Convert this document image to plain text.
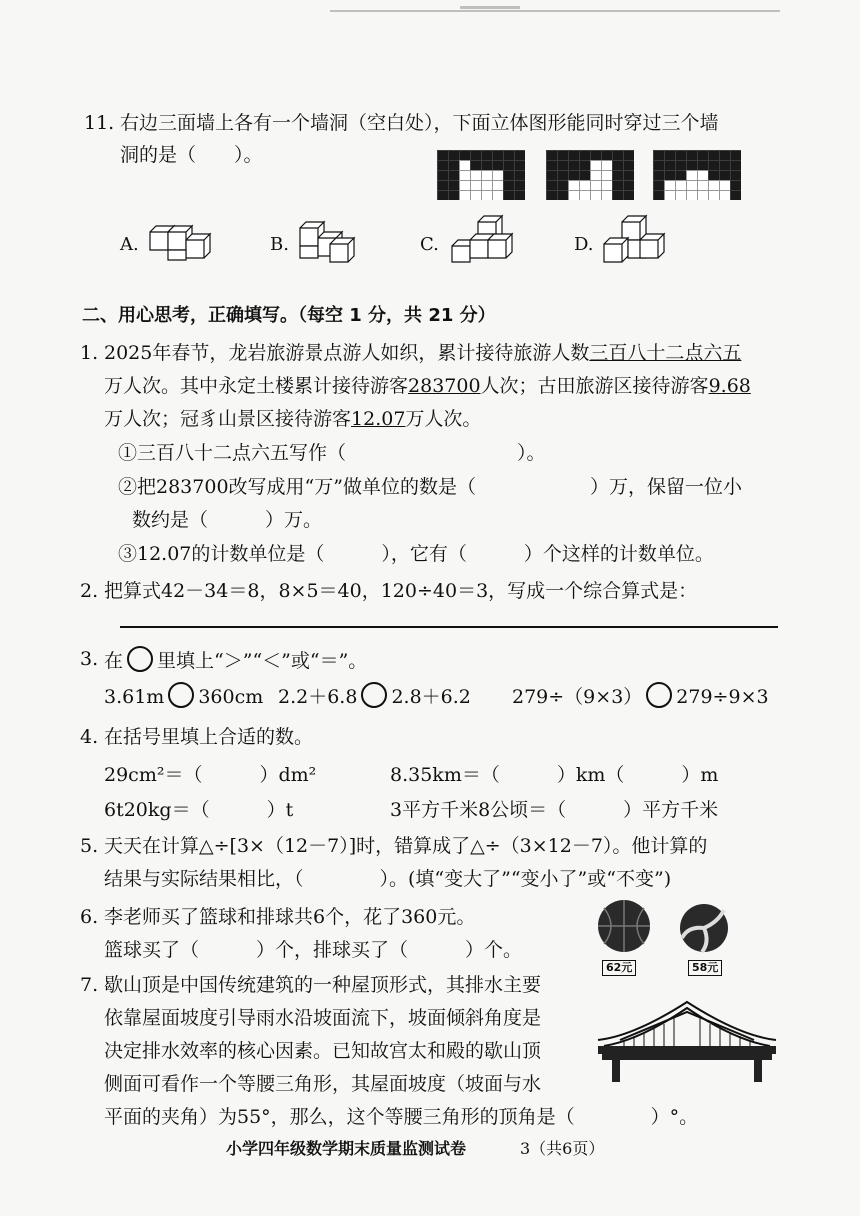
11. 右边三面墙上各有一个墙洞（空白处），下面立体图形能同时穿过三个墙
洞的是（　　）。
A.	B.	C.	D.
二、用心思考，正确填写。（每空 1 分，共 21 分）
1. 2025年春节，龙岩旅游景点游人如织，累计接待旅游人数三百八十二点六五
万人次。其中永定土楼累计接待游客283700人次；古田旅游区接待游客9.68
万人次；冠豸山景区接待游客12.07万人次。
①三百八十二点六五写作（　　　　　　　　　）。
②把283700改写成用“万”做单位的数是（　　　　　　）万，保留一位小
数约是（　　　）万。
③12.07的计数单位是（　　　），它有（　　　）个这样的计数单位。
2. 把算式42－34＝8，8×5＝40，120÷40＝3，写成一个综合算式是：
3. 在 里填上“＞”“＜”或“＝”。
3.61m 360cm 2.2＋6.8 2.8＋6.2 279÷（9×3） 279÷9×3
4. 在括号里填上合适的数。
29cm²＝（　　　）dm²	8.35km＝（　　　）km（　　　）m
6t20kg＝（　　　）t	3平方千米8公顷＝（　　　）平方千米
5. 天天在计算△÷[3×（12－7）]时，错算成了△÷（3×12－7）。他计算的
结果与实际结果相比，（　　　　）。(填“变大了”“变小了”或“不变”)
6. 李老师买了篮球和排球共6个，花了360元。
篮球买了（　　　）个，排球买了（　　　）个。
62元	58元
7. 歇山顶是中国传统建筑的一种屋顶形式，其排水主要
依靠屋面坡度引导雨水沿坡面流下，坡面倾斜角度是
决定排水效率的核心因素。已知故宫太和殿的歇山顶
侧面可看作一个等腰三角形，其屋面坡度（坡面与水
平面的夹角）为55°，那么，这个等腰三角形的顶角是（　　　　）°。
小学四年级数学期末质量监测试卷	3（共6页）
